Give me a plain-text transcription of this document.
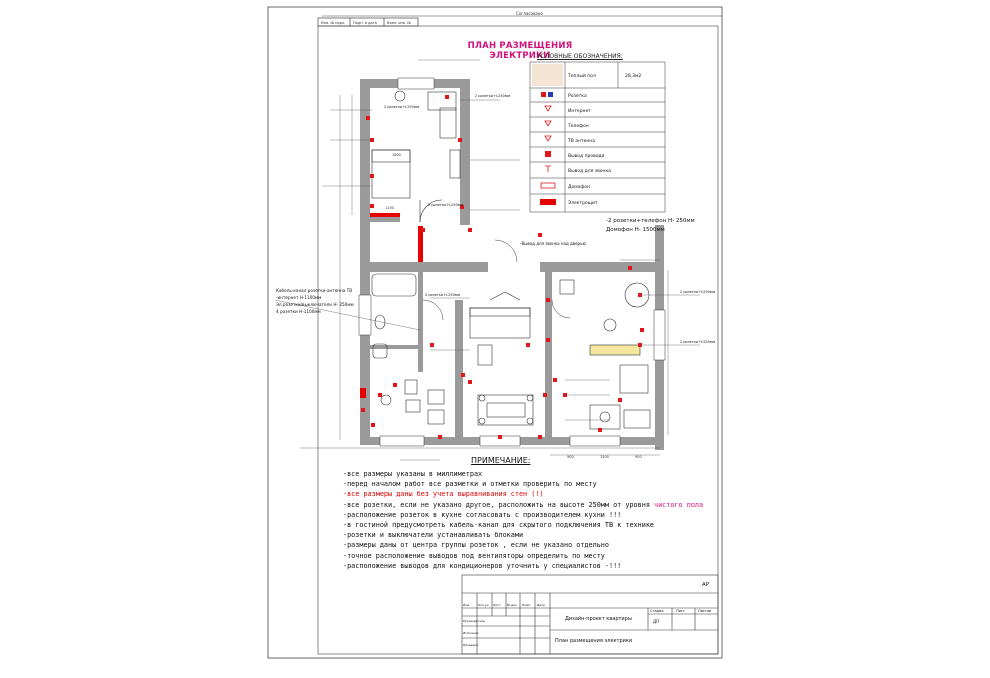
Изм. № подл. Подп. и дата	Взам. инв. №
Согласовано
1800
1150
900	1500	900
Теплый пол	28,3м2
Розетка
Интернет
Телефон
ТВ антенна
Вывод провода
Вывод для звонка
Домофон
Электрощит
-2 розетки+телефон Н- 250мм
Домофон Н- 1500мм
-Вывод для звонка над дверью
Кабель-канал розетки-антенна ТВ
-интернет Н-1100мм
Эл.розетки/выключатели Н- 250мм
4 розетки Н-1100мм
2 розетки Н-250мм
2 розетки Н-250мм
2 розетки Н-250мм
2 розетки Н-250мм
2 розетки Н-250мм
2 розетки Н-250мм
АР
Дизайн-проект квартиры
План размещения электрики
Стадия	Лист	Листов
ДП
Изм.	Кол.уч. Лист № док. Подп. Дата
Руководитель
Исполнил
Проверил
ПЛАН РАЗМЕЩЕНИЯ ЭЛЕКТРИКИ
УСЛОВНЫЕ ОБОЗНАЧЕНИЯ:
ПРИМЕЧАНИЕ:
-все размеры указаны в миллиметрах
-перед началом работ все разметки и отметки проверить по месту
-все размеры даны без учета выравнивания стен (!)
-все розетки, если не указано другое, расположить на высоте 250мм от уровня чистого пола
-расположение розеток в кухне согласовать с производителем кухни !!!
-в гостиной предусмотреть кабель-канал для скрытого подключения ТВ к технике
-розетки и выключатели устанавливать блоками
-размеры даны от центра группы розеток , если не указано отдельно
-точное расположение выводов под вентиляторы определить по месту
-расположение выводов для кондиционеров уточнить у специалистов -!!!
